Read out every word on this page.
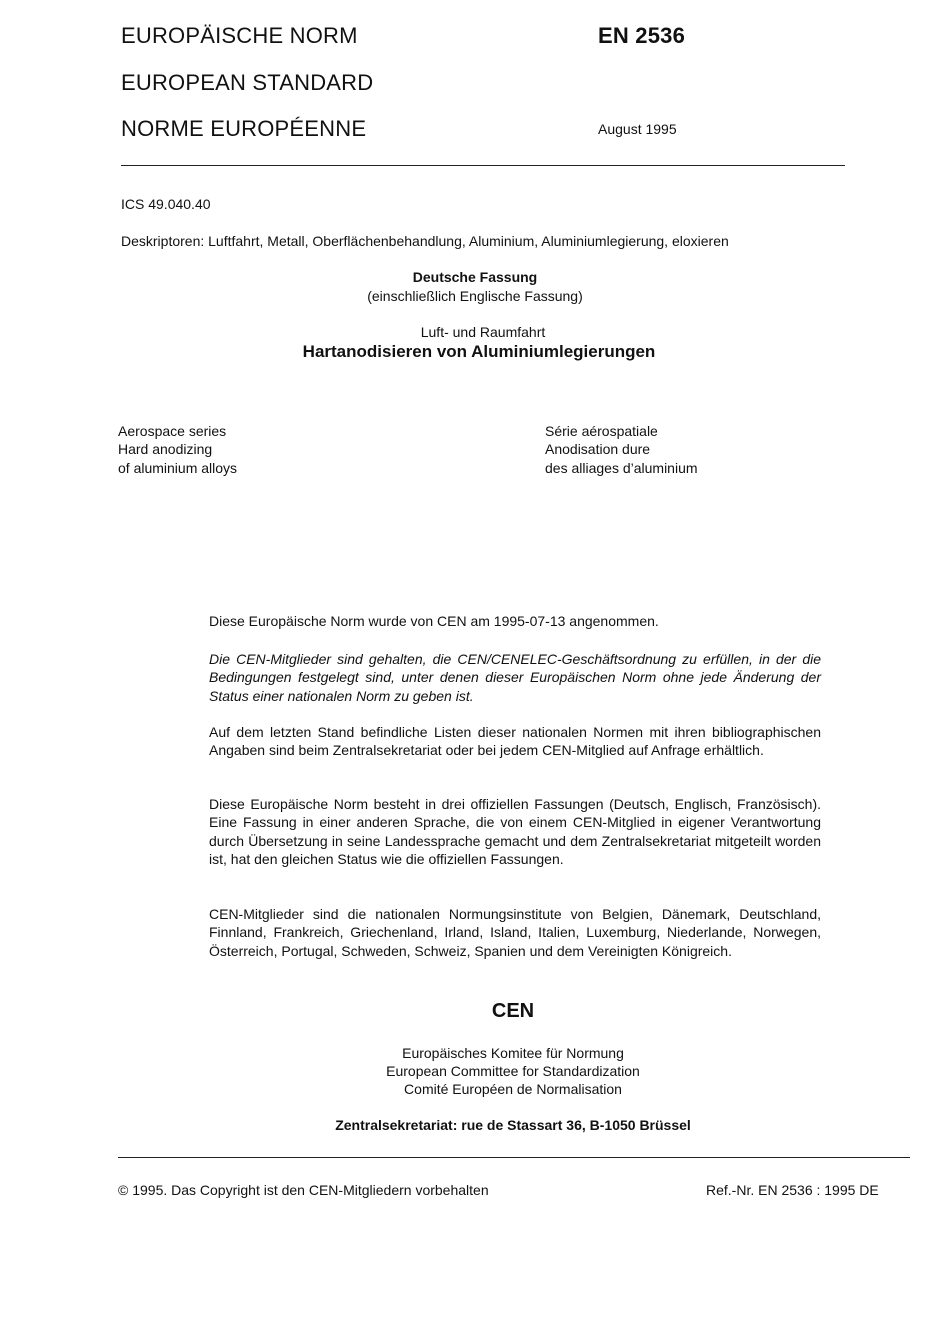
EUROPÄISCHE NORM	EN 2536
EUROPEAN STANDARD
NORME EUROPÉENNE	August 1995
ICS 49.040.40
Deskriptoren: Luftfahrt, Metall, Oberflächenbehandlung, Aluminium, Aluminiumlegierung, eloxieren
Deutsche Fassung
(einschließlich Englische Fassung)
Luft- und Raumfahrt
Hartanodisieren von Aluminiumlegierungen
Aerospace series
Hard anodizing
of aluminium alloys
Série aérospatiale
Anodisation dure
des alliages d’aluminium

Diese Europäische Norm wurde von CEN am 1995-07-13 angenommen.

Die CEN-Mitglieder sind gehalten, die CEN/CENELEC-Geschäftsordnung zu erfüllen, in der die Bedingungen festgelegt sind, unter denen dieser Europäischen Norm ohne jede Änderung der Status einer nationalen Norm zu geben ist.

Auf dem letzten Stand befindliche Listen dieser nationalen Normen mit ihren bibliographischen Angaben sind beim Zentralsekretariat oder bei jedem CEN-Mitglied auf Anfrage erhältlich.

Diese Europäische Norm besteht in drei offiziellen Fassungen (Deutsch, Englisch, Französisch). Eine Fassung in einer anderen Sprache, die von einem CEN-Mitglied in eigener Verantwortung durch Übersetzung in seine Landessprache gemacht und dem Zentralsekretariat mitgeteilt worden ist, hat den gleichen Status wie die offiziellen Fassungen.

CEN-Mitglieder sind die nationalen Normungsinstitute von Belgien, Dänemark, Deutschland, Finnland, Frankreich, Griechenland, Irland, Island, Italien, Luxemburg, Niederlande, Norwegen, Österreich, Portugal, Schweden, Schweiz, Spanien und dem Vereinigten Königreich.

CEN
Europäisches Komitee für Normung
European Committee for Standardization
Comité Européen de Normalisation
Zentralsekretariat: rue de Stassart 36, B-1050 Brüssel
© 1995. Das Copyright ist den CEN-Mitgliedern vorbehalten	Ref.-Nr. EN 2536 : 1995 DE
